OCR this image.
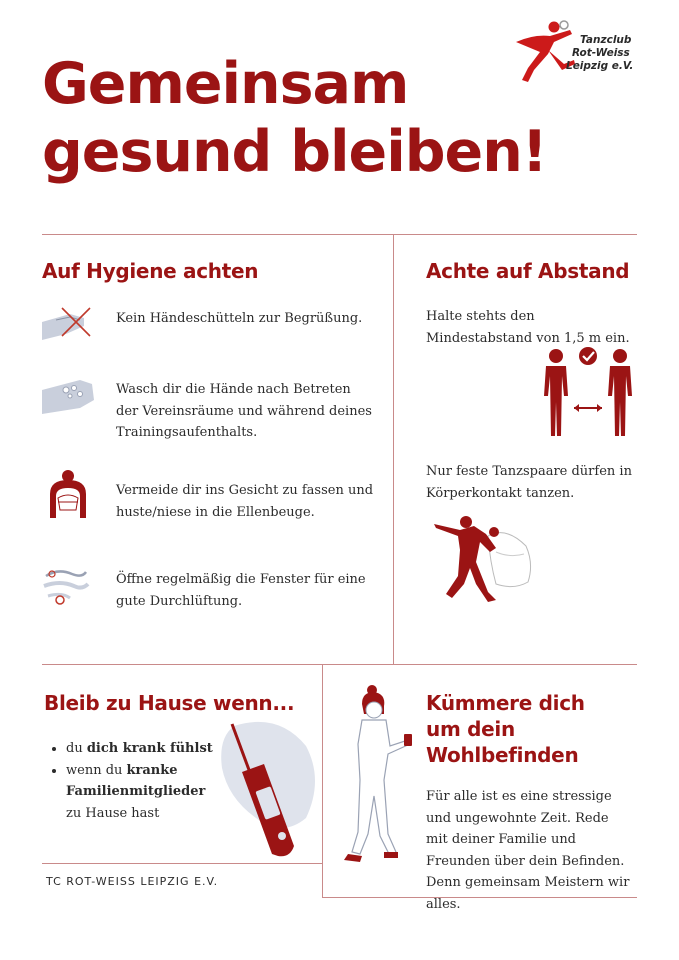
Tanzclub
Rot-Weiss
Leipzig e.V.
Gemeinsam
gesund bleiben!
Auf Hygiene achten
Kein Händeschütteln zur Begrüßung.
Wasch dir die Hände nach Betreten der Vereinsräume und während deines Trainingsaufenthalts.
Vermeide dir ins Gesicht zu fassen und huste/niese in die Ellenbeuge.
Öffne regelmäßig die Fenster für eine gute Durchlüftung.
Achte auf Abstand
Halte stehts den Mindestabstand von 1,5 m ein.
Nur feste Tanzspaare dürfen in Körperkontakt tanzen.
Bleib zu Hause wenn...
• du dich krank fühlst
• wenn du kranke Familienmitglieder zu Hause hast
TC ROT-WEISS LEIPZIG E.V.
Kümmere dich
um dein
Wohlbefinden
Für alle ist es eine stressige und ungewohnte Zeit. Rede mit deiner Familie und Freunden über dein Befinden. Denn gemeinsam Meistern wir alles.
